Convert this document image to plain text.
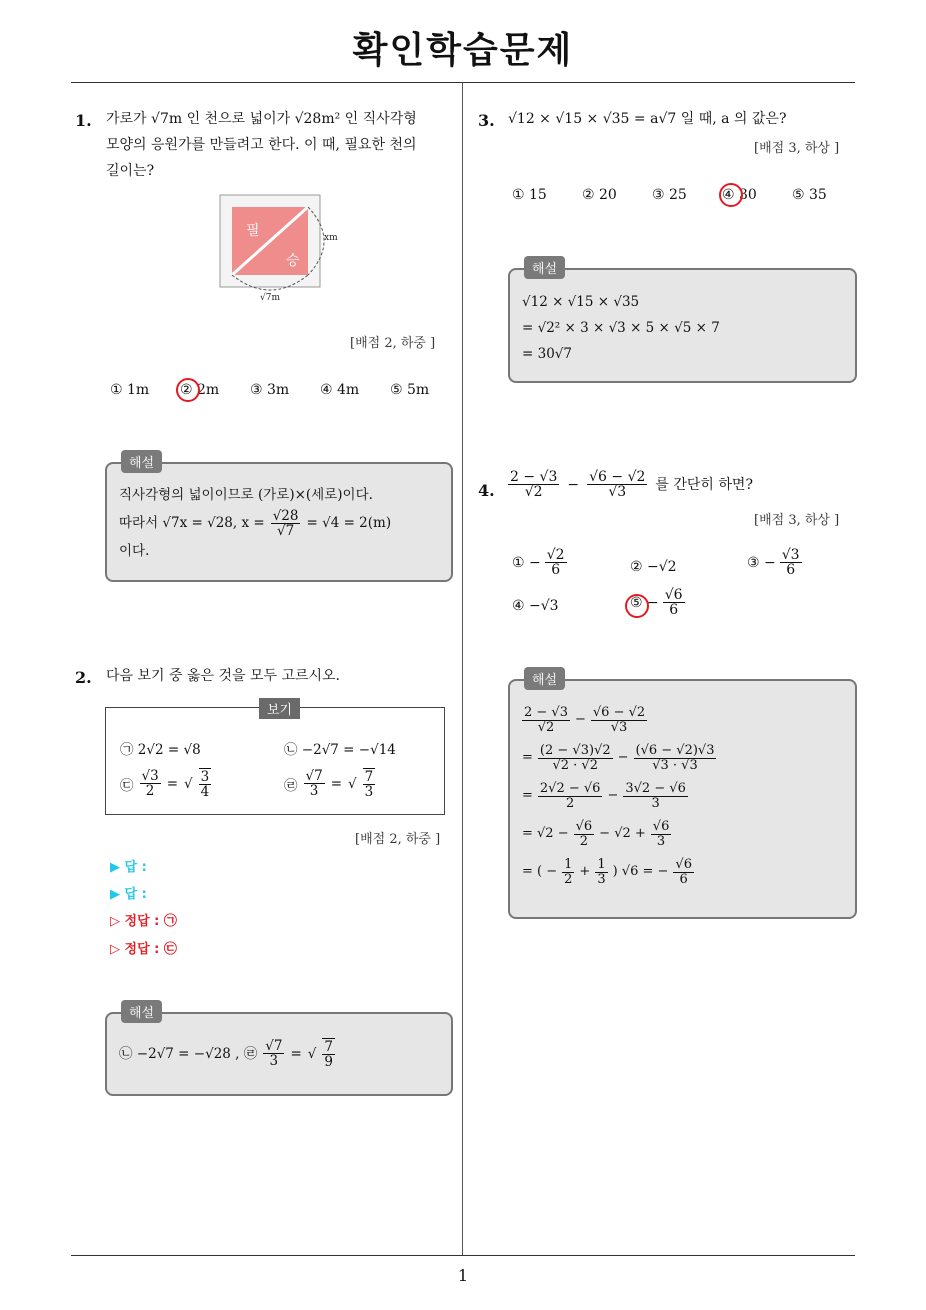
확인학습문제
1
1. 가로가 √7m 인 천으로 넓이가 √28m² 인 직사각형
모양의 응원가를 만들려고 한다. 이 때, 필요한 천의
길이는?
xm
√7m
필
승
[배점 2, 하중 ]
① 1m ② 2m ③ 3m ④ 4m ⑤ 5m
해설
직사각형의 넓이이므로 (가로)×(세로)이다.
따라서 √7x = √28, $x = \frac{√28}{√7} = √4 = 2(m)$
이다.
2. 다음 보기 중 옳은 것을 모두 고르시오.
보기
㉠ 2√2 = √8	㉡ −2√7 = −√14
㉢ $\frac{√3}{2}$ = √ $\frac{3}{4}$	㉣ $\frac{√7}{3}$ = √ $\frac{7}{3}$
[배점 2, 하중 ]
▶ 답 :
▶ 답 :
▷ 정답 : ㉠
▷ 정답 : ㉢
해설
㉡ −2√7 = −√28 , ㉣ $\frac{√7}{3}$ = √ $\frac{7}{9}$
3. √12 × √15 × √35 = a√7 일 때, a 의 값은?
[배점 3, 하상 ]
① 15	② 20	③ 25	④ 30	⑤ 35
해설
√12 × √15 × √35
= √2² × 3 × √3 × 5 × √5 × 7
= 30√7
4. $\frac{2 - √3}{√2} - \frac{√6 - √2}{√3}$ 를 간단히 하면?
[배점 3, 하상 ]
① − $\frac{√2}{6}$	② −√2	③ − $\frac{√3}{6}$
④ −√3	⑤ − $\frac{√6}{6}$
해설
$\frac{2 - √3}{√2} - \frac{√6 - √2}{√3}$
= $\frac{(2 - √3)√2}{√2 \cdot √2} - \frac{(√6 - √2)√3}{√3 \cdot √3}$
= $\frac{2√2 - √6}{2} - \frac{3√2 - √6}{3}$
= $√2 - \frac{√6}{2} - √2 + \frac{√6}{3}$
= ( − $\frac{1}{2} + \frac{1}{3}$ ) √6 = − $\frac{√6}{6}$
